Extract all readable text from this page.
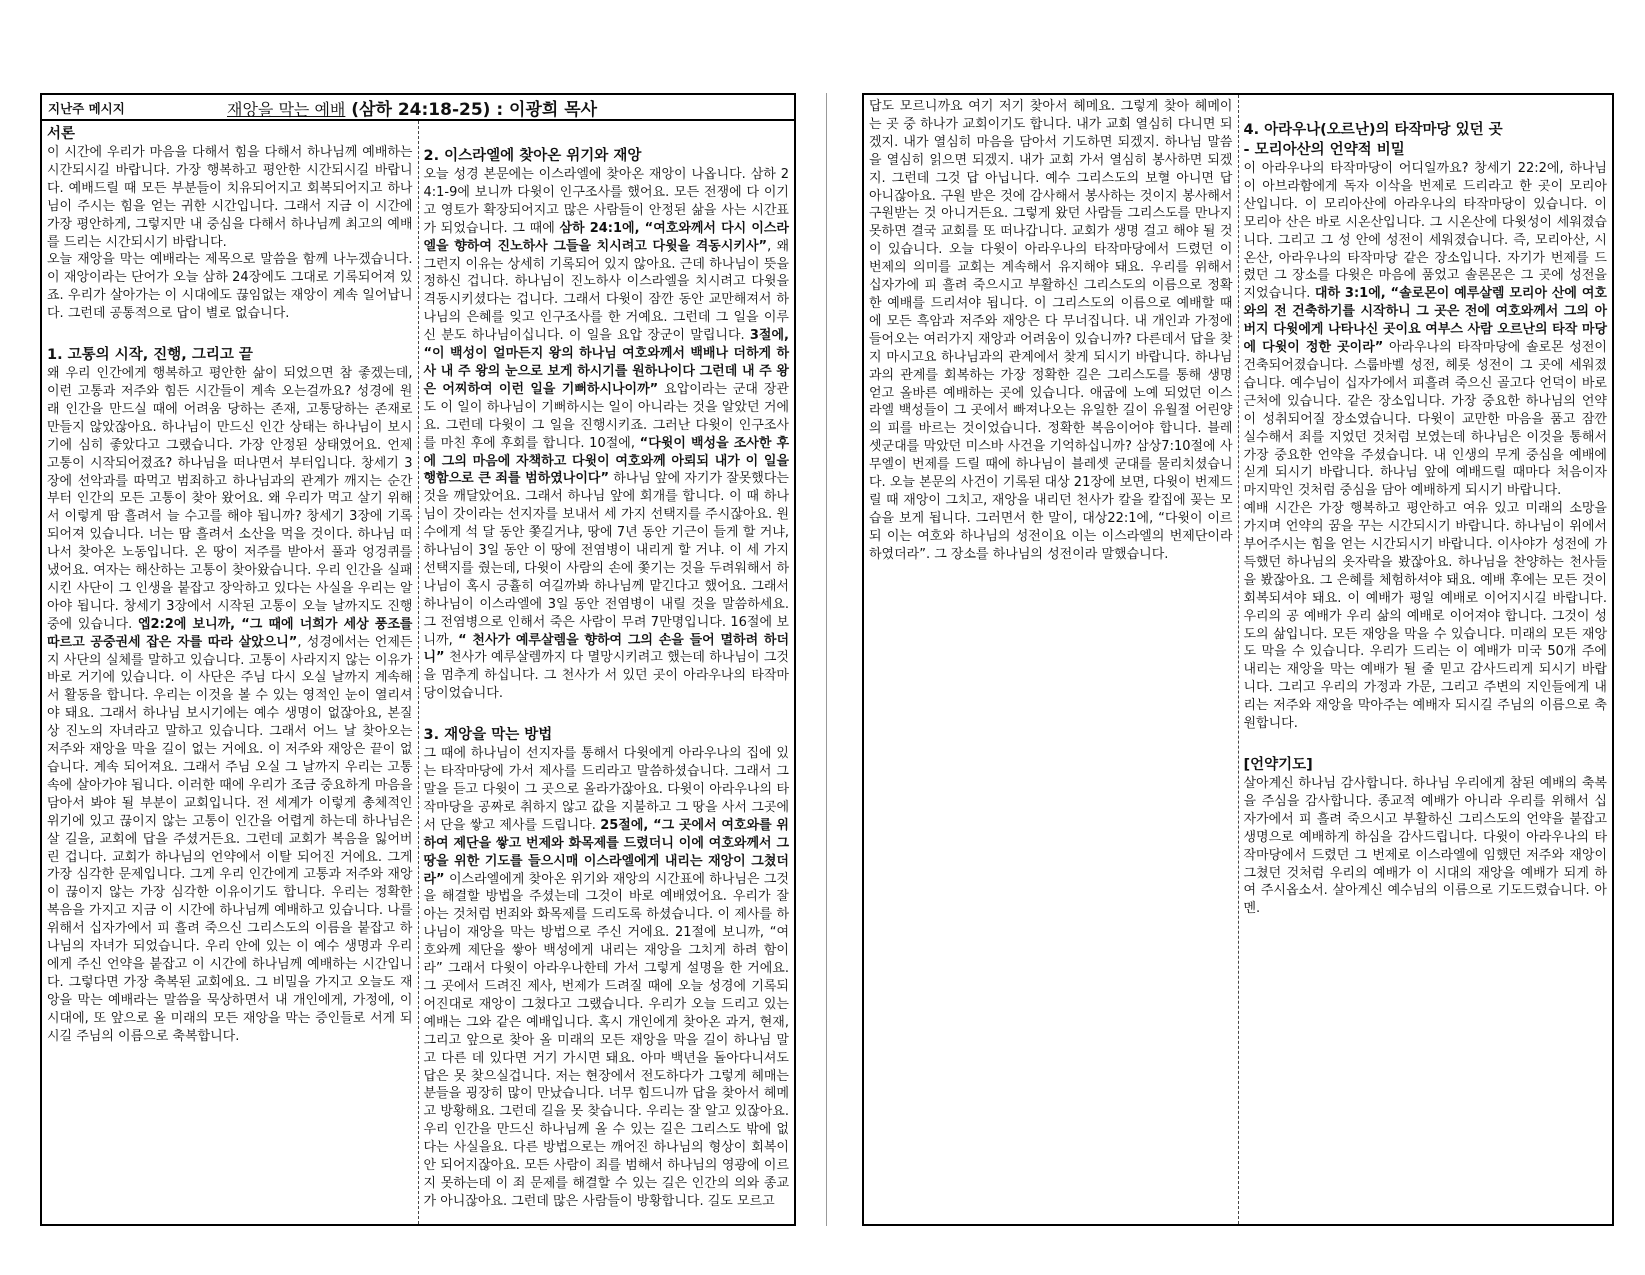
지난주 메시지	재앙을 막는 예배 (삼하 24:18-25) : 이광희 목사
서론

이 시간에 우리가 마음을 다해서 힘을 다해서 하나님께 예배하는 시간되시길 바랍니다. 가장 행복하고 평안한 시간되시길 바랍니다. 예배드릴 때 모든 부분들이 치유되어지고 회복되어지고 하나님이 주시는 힘을 얻는 귀한 시간입니다. 그래서 지금 이 시간에 가장 평안하게, 그렇지만 내 중심을 다해서 하나님께 최고의 예배를 드리는 시간되시기 바랍니다.

오늘 재앙을 막는 예배라는 제목으로 말씀을 함께 나누겠습니다. 이 재앙이라는 단어가 오늘 삼하 24장에도 그대로 기록되어져 있죠. 우리가 살아가는 이 시대에도 끊임없는 재앙이 계속 일어납니다. 그런데 공통적으로 답이 별로 없습니다.

1. 고통의 시작, 진행, 그리고 끝

왜 우리 인간에게 행복하고 평안한 삶이 되었으면 참 좋겠는데, 이런 고통과 저주와 힘든 시간들이 계속 오는걸까요? 성경에 원래 인간을 만드실 때에 어려움 당하는 존재, 고통당하는 존재로 만들지 않았잖아요. 하나님이 만드신 인간 상태는 하나님이 보시기에 심히 좋았다고 그랬습니다. 가장 안정된 상태였어요. 언제 고통이 시작되어졌죠? 하나님을 떠나면서 부터입니다. 창세기 3장에 선악과를 따먹고 범죄하고 하나님과의 관계가 깨지는 순간부터 인간의 모든 고통이 찾아 왔어요. 왜 우리가 먹고 살기 위해서 이렇게 땀 흘려서 늘 수고를 해야 됩니까? 창세기 3장에 기록되어져 있습니다. 너는 땀 흘려서 소산을 먹을 것이다. 하나님 떠나서 찾아온 노동입니다. 온 땅이 저주를 받아서 풀과 엉겅퀴를 냈어요. 여자는 해산하는 고통이 찾아왔습니다. 우리 인간을 실패시킨 사단이 그 인생을 붙잡고 장악하고 있다는 사실을 우리는 알아야 됩니다. 창세기 3장에서 시작된 고통이 오늘 날까지도 진행 중에 있습니다. 엡2:2에 보니까, “그 때에 너희가 세상 풍조를 따르고 공중권세 잡은 자를 따라 살았으니”, 성경에서는 언제든지 사단의 실체를 말하고 있습니다. 고통이 사라지지 않는 이유가 바로 거기에 있습니다. 이 사단은 주님 다시 오실 날까지 계속해서 활동을 합니다. 우리는 이것을 볼 수 있는 영적인 눈이 열리셔야 돼요. 그래서 하나님 보시기에는 예수 생명이 없잖아요, 본질상 진노의 자녀라고 말하고 있습니다. 그래서 어느 날 찾아오는 저주와 재앙을 막을 길이 없는 거에요. 이 저주와 재앙은 끝이 없습니다. 계속 되어져요. 그래서 주님 오실 그 날까지 우리는 고통 속에 살아가야 됩니다. 이러한 때에 우리가 조금 중요하게 마음을 담아서 봐야 될 부분이 교회입니다. 전 세계가 이렇게 총체적인 위기에 있고 끊이지 않는 고통이 인간을 어렵게 하는데 하나님은 살 길을, 교회에 답을 주셨거든요. 그런데 교회가 복음을 잃어버린 겁니다. 교회가 하나님의 언약에서 이탈 되어진 거에요. 그게 가장 심각한 문제입니다. 그게 우리 인간에게 고통과 저주와 재앙이 끊이지 않는 가장 심각한 이유이기도 합니다. 우리는 정확한 복음을 가지고 지금 이 시간에 하나님께 예배하고 있습니다. 나를 위해서 십자가에서 피 흘려 죽으신 그리스도의 이름을 붙잡고 하나님의 자녀가 되었습니다. 우리 안에 있는 이 예수 생명과 우리에게 주신 언약을 붙잡고 이 시간에 하나님께 예배하는 시간입니다. 그렇다면 가장 축복된 교회에요. 그 비밀을 가지고 오늘도 재앙을 막는 예배라는 말씀을 묵상하면서 내 개인에게, 가정에, 이 시대에, 또 앞으로 올 미래의 모든 재앙을 막는 증인들로 서게 되시길 주님의 이름으로 축복합니다.

2. 이스라엘에 찾아온 위기와 재앙

오늘 성경 본문에는 이스라엘에 찾아온 재앙이 나옵니다. 삼하 24:1-9에 보니까 다윗이 인구조사를 했어요. 모든 전쟁에 다 이기고 영토가 확장되어지고 많은 사람들이 안정된 삶을 사는 시간표가 되었습니다. 그 때에 삼하 24:1에, “여호와께서 다시 이스라엘을 향하여 진노하사 그들을 치시려고 다윗을 격동시키사”, 왜 그런지 이유는 상세히 기록되어 있지 않아요. 근데 하나님이 뜻을 정하신 겁니다. 하나님이 진노하사 이스라엘을 치시려고 다윗을 격동시키셨다는 겁니다. 그래서 다윗이 잠깐 동안 교만해져서 하나님의 은혜를 잊고 인구조사를 한 거예요. 그런데 그 일을 이루신 분도 하나님이십니다. 이 일을 요압 장군이 말립니다. 3절에, “이 백성이 얼마든지 왕의 하나님 여호와께서 백배나 더하게 하사 내 주 왕의 눈으로 보게 하시기를 원하나이다 그런데 내 주 왕은 어찌하여 이런 일을 기뻐하시나이까” 요압이라는 군대 장관도 이 일이 하나님이 기뻐하시는 일이 아니라는 것을 알았던 거에요. 그런데 다윗이 그 일을 진행시키죠. 그러난 다윗이 인구조사를 마친 후에 후회를 합니다. 10절에, “다윗이 백성을 조사한 후에 그의 마음에 자책하고 다윗이 여호와께 아뢰되 내가 이 일을 행함으로 큰 죄를 범하였나이다” 하나님 앞에 자기가 잘못했다는 것을 깨달았어요. 그래서 하나님 앞에 회개를 합니다. 이 때 하나님이 갓이라는 선지자를 보내서 세 가지 선택지를 주시잖아요. 원수에게 석 달 동안 쫓길거냐, 땅에 7년 동안 기근이 들게 할 거냐, 하나님이 3일 동안 이 땅에 전염병이 내리게 할 거냐. 이 세 가지 선택지를 줬는데, 다윗이 사람의 손에 쫓기는 것을 두려워해서 하나님이 혹시 긍휼히 여길까봐 하나님께 맡긴다고 했어요. 그래서 하나님이 이스라엘에 3일 동안 전염병이 내릴 것을 말씀하세요. 그 전염병으로 인해서 죽은 사람이 무려 7만명입니다. 16절에 보니까, “ 천사가 예루살렘을 향하여 그의 손을 들어 멸하려 하더니” 천사가 예루살렘까지 다 멸망시키려고 했는데 하나님이 그것을 멈추게 하십니다. 그 천사가 서 있던 곳이 아라우나의 타작마당이었습니다.

3. 재앙을 막는 방법

그 때에 하나님이 선지자를 통해서 다윗에게 아라우나의 집에 있는 타작마당에 가서 제사를 드리라고 말씀하셨습니다. 그래서 그 말을 듣고 다윗이 그 곳으로 올라가잖아요. 다윗이 아라우나의 타작마당을 공짜로 취하지 않고 값을 지불하고 그 땅을 사서 그곳에서 단을 쌓고 제사를 드립니다. 25절에, “그 곳에서 여호와를 위하여 제단을 쌓고 번제와 화목제를 드렸더니 이에 여호와께서 그 땅을 위한 기도를 들으시매 이스라엘에게 내리는 재앙이 그쳤더라” 이스라엘에게 찾아온 위기와 재앙의 시간표에 하나님은 그것을 해결할 방법을 주셨는데 그것이 바로 예배였어요. 우리가 잘 아는 것처럼 번죄와 화목제를 드리도록 하셨습니다. 이 제사를 하나님이 재앙을 막는 방법으로 주신 거에요. 21절에 보니까, “여호와께 제단을 쌓아 백성에게 내리는 재앙을 그치게 하려 함이라” 그래서 다윗이 아라우나한테 가서 그렇게 설명을 한 거에요. 그 곳에서 드려진 제사, 번제가 드려질 때에 오늘 성경에 기록되어진대로 재앙이 그쳤다고 그랬습니다. 우리가 오늘 드리고 있는 예배는 그와 같은 예배입니다. 혹시 개인에게 찾아온 과거, 현재, 그리고 앞으로 찾아 올 미래의 모든 재앙을 막을 길이 하나님 말고 다른 데 있다면 거기 가시면 돼요. 아마 백년을 돌아다니셔도 답은 못 찾으실겁니다. 저는 현장에서 전도하다가 그렇게 헤매는 분들을 굉장히 많이 만났습니다. 너무 힘드니까 답을 찾아서 헤메고 방황해요. 그런데 길을 못 찾습니다. 우리는 잘 알고 있잖아요. 우리 인간을 만드신 하나님께 올 수 있는 길은 그리스도 밖에 없다는 사실을요. 다른 방법으로는 깨어진 하나님의 형상이 회복이 안 되어지잖아요. 모든 사람이 죄를 범해서 하나님의 영광에 이르지 못하는데 이 죄 문제를 해결할 수 있는 길은 인간의 의와 종교가 아니잖아요. 그런데 많은 사람들이 방황합니다. 길도 모르고

답도 모르니까요 여기 저기 찾아서 헤메요. 그렇게 찾아 헤메이는 곳 중 하나가 교회이기도 합니다. 내가 교회 열심히 다니면 되겠지. 내가 열심히 마음을 담아서 기도하면 되겠지. 하나님 말씀을 열심히 읽으면 되겠지. 내가 교회 가서 열심히 봉사하면 되겠지. 그런데 그것 답 아닙니다. 예수 그리스도의 보혈 아니면 답 아니잖아요. 구원 받은 것에 감사해서 봉사하는 것이지 봉사해서 구원받는 것 아니거든요. 그렇게 왔던 사람들 그리스도를 만나지 못하면 결국 교회를 또 떠나갑니다. 교회가 생명 걸고 해야 될 것이 있습니다. 오늘 다윗이 아라우나의 타작마당에서 드렸던 이 번제의 의미를 교회는 계속해서 유지해야 돼요. 우리를 위해서 십자가에 피 흘려 죽으시고 부활하신 그리스도의 이름으로 정확한 예배를 드리셔야 됩니다. 이 그리스도의 이름으로 예배할 때에 모든 흑암과 저주와 재앙은 다 무너집니다. 내 개인과 가정에 들어오는 여러가지 재앙과 어려움이 있습니까? 다른데서 답을 찾지 마시고요 하나님과의 관계에서 찾게 되시기 바랍니다. 하나님과의 관계를 회복하는 가장 정확한 길은 그리스도를 통해 생명 얻고 올바른 예배하는 곳에 있습니다. 애굽에 노예 되었던 이스라엘 백성들이 그 곳에서 빠져나오는 유일한 길이 유월절 어린양의 피를 바르는 것이었습니다. 정확한 복음이어야 합니다. 블레셋군대를 막았던 미스바 사건을 기억하십니까? 삼상7:10절에 사무엘이 번제를 드릴 때에 하나님이 블레셋 군대를 물리치셨습니다. 오늘 본문의 사건이 기록된 대상 21장에 보면, 다윗이 번제드릴 때 재앙이 그치고, 재앙을 내리던 천사가 칼을 칼집에 꽂는 모습을 보게 됩니다. 그러면서 한 말이, 대상22:1에, “다윗이 이르되 이는 여호와 하나님의 성전이요 이는 이스라엘의 번제단이라 하였더라”. 그 장소를 하나님의 성전이라 말했습니다.

4. 아라우나(오르난)의 타작마당 있던 곳
- 모리아산의 언약적 비밀

이 아라우나의 타작마당이 어디일까요? 창세기 22:2에, 하나님이 아브라함에게 독자 이삭을 번제로 드리라고 한 곳이 모리아 산입니다. 이 모리아산에 아라우나의 타작마당이 있습니다. 이 모리아 산은 바로 시온산입니다. 그 시온산에 다윗성이 세워졌습니다. 그리고 그 성 안에 성전이 세워졌습니다. 즉, 모리아산, 시온산, 아라우나의 타작마당 같은 장소입니다. 자기가 번제를 드렸던 그 장소를 다윗은 마음에 품었고 솔론몬은 그 곳에 성전을 지었습니다. 대하 3:1에, “솔로몬이 예루살렘 모리아 산에 여호와의 전 건축하기를 시작하니 그 곳은 전에 여호와께서 그의 아버지 다윗에게 나타나신 곳이요 여부스 사람 오르난의 타작 마당에 다윗이 정한 곳이라” 아라우나의 타작마당에 솔로몬 성전이 건축되어졌습니다. 스룹바벨 성전, 헤롯 성전이 그 곳에 세워졌습니다. 예수님이 십자가에서 피흘려 죽으신 골고다 언덕이 바로 근처에 있습니다. 같은 장소입니다. 가장 중요한 하나님의 언약이 성취되어질 장소였습니다. 다윗이 교만한 마음을 품고 잠깐 실수해서 죄를 지었던 것처럼 보였는데 하나님은 이것을 통해서 가장 중요한 언약을 주셨습니다. 내 인생의 무게 중심을 예배에 싣게 되시기 바랍니다. 하나님 앞에 예배드릴 때마다 처음이자 마지막인 것처럼 중심을 담아 예배하게 되시기 바랍니다.

예배 시간은 가장 행복하고 평안하고 여유 있고 미래의 소망을 가지며 언약의 꿈을 꾸는 시간되시기 바랍니다. 하나님이 위에서 부어주시는 힘을 얻는 시간되시기 바랍니다. 이사야가 성전에 가득했던 하나님의 옷자락을 봤잖아요. 하나님을 찬양하는 천사들을 봤잖아요. 그 은혜를 체험하셔야 돼요. 예배 후에는 모든 것이 회복되셔야 돼요. 이 예배가 평일 예배로 이어지시길 바랍니다. 우리의 공 예배가 우리 삶의 예배로 이어져야 합니다. 그것이 성도의 삶입니다. 모든 재앙을 막을 수 있습니다. 미래의 모든 재앙도 막을 수 있습니다. 우리가 드리는 이 예배가 미국 50개 주에 내리는 재앙을 막는 예배가 될 줄 믿고 감사드리게 되시기 바랍니다. 그리고 우리의 가정과 가문, 그리고 주변의 지인들에게 내리는 저주와 재앙을 막아주는 예배자 되시길 주님의 이름으로 축원합니다.

[언약기도]

살아계신 하나님 감사합니다. 하나님 우리에게 참된 예배의 축복을 주심을 감사합니다. 종교적 예배가 아니라 우리를 위해서 십자가에서 피 흘려 죽으시고 부활하신 그리스도의 언약을 붙잡고 생명으로 예배하게 하심을 감사드립니다. 다윗이 아라우나의 타작마당에서 드렸던 그 번제로 이스라엘에 임했던 저주와 재앙이 그쳤던 것처럼 우리의 예배가 이 시대의 재앙을 예배가 되게 하여 주시옵소서. 살아계신 예수님의 이름으로 기도드렸습니다. 아멘.
